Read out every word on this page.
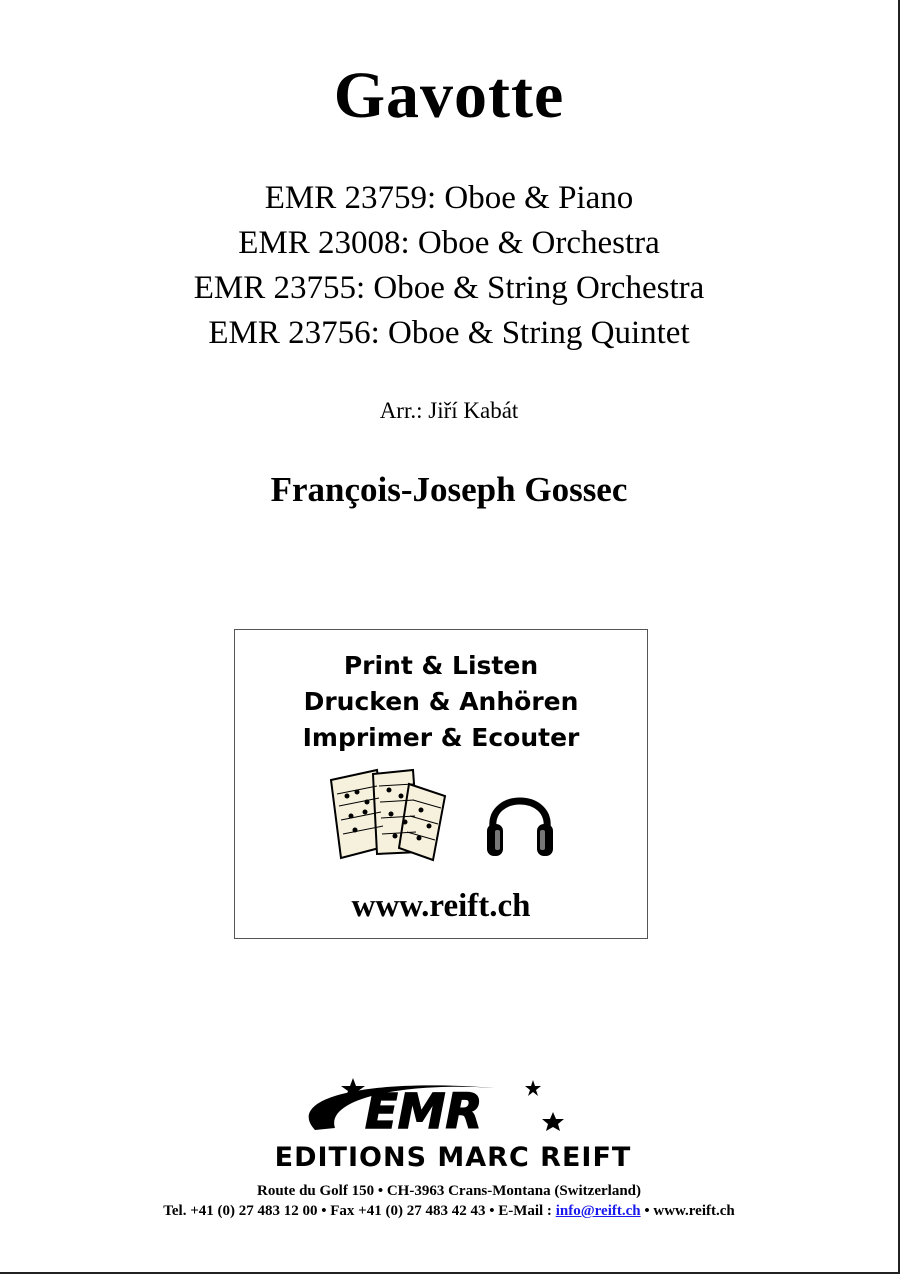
Gavotte
EMR 23759: Oboe & Piano
EMR 23008: Oboe & Orchestra
EMR 23755: Oboe & String Orchestra
EMR 23756: Oboe & String Quintet
Arr.: Jiří Kabát
François-Joseph Gossec
Print & Listen
Drucken & Anhören
Imprimer & Ecouter
www.reift.ch
EMR
EDITIONS MARC REIFT
Route du Golf 150 • CH-3963 Crans-Montana (Switzerland)
Tel. +41 (0) 27 483 12 00 • Fax +41 (0) 27 483 42 43 • E-Mail : info@reift.ch • www.reift.ch
